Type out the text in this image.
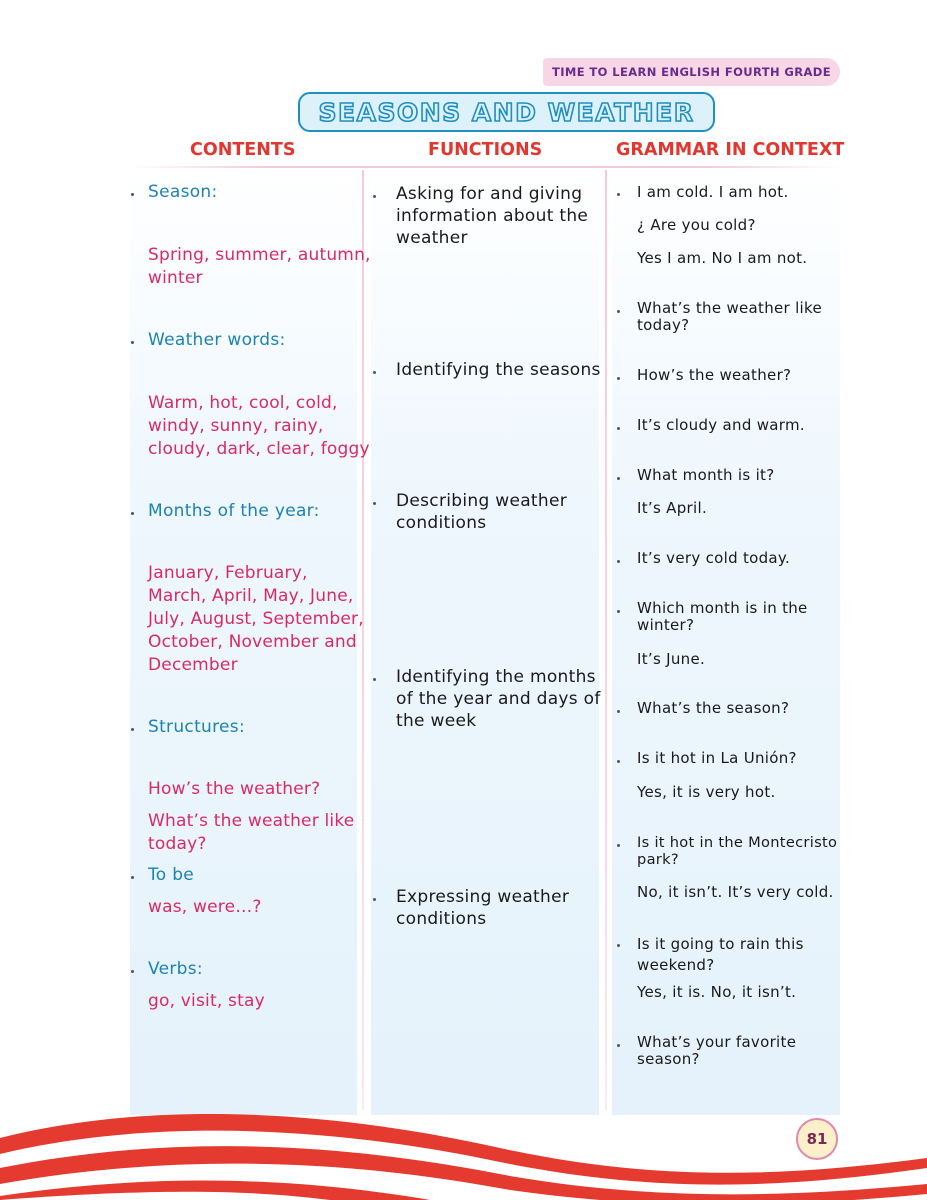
TIME TO LEARN ENGLISH FOURTH GRADE
SEASONS AND WEATHER
CONTENTS	FUNCTIONS	GRAMMAR IN CONTEXT
Season:
Spring, summer, autumn,
winter
Weather words:
Warm, hot, cool, cold,
windy, sunny, rainy,
cloudy, dark, clear, foggy
Months of the year:
January, February,
March, April, May, June,
July, August, September,
October, November and
December
Structures:
How’s the weather?
What’s the weather like
today?
To be
was, were…?
Verbs:
go, visit, stay
Asking for and giving
information about the
weather
Identifying the seasons
Describing weather
conditions
Identifying the months
of the year and days of
the week
Expressing weather
conditions
I am cold. I am hot.
¿ Are you cold?
Yes I am. No I am not.
What’s the weather like
today?
How’s the weather?
It’s cloudy and warm.
What month is it?
It’s April.
It’s very cold today.
Which month is in the
winter?
It’s June.
What’s the season?
Is it hot in La Unión?
Yes, it is very hot.
Is it hot in the Montecristo
park?
No, it isn’t. It’s very cold.
Is it going to rain this
weekend?
Yes, it is. No, it isn’t.
What’s your favorite
season?
81
